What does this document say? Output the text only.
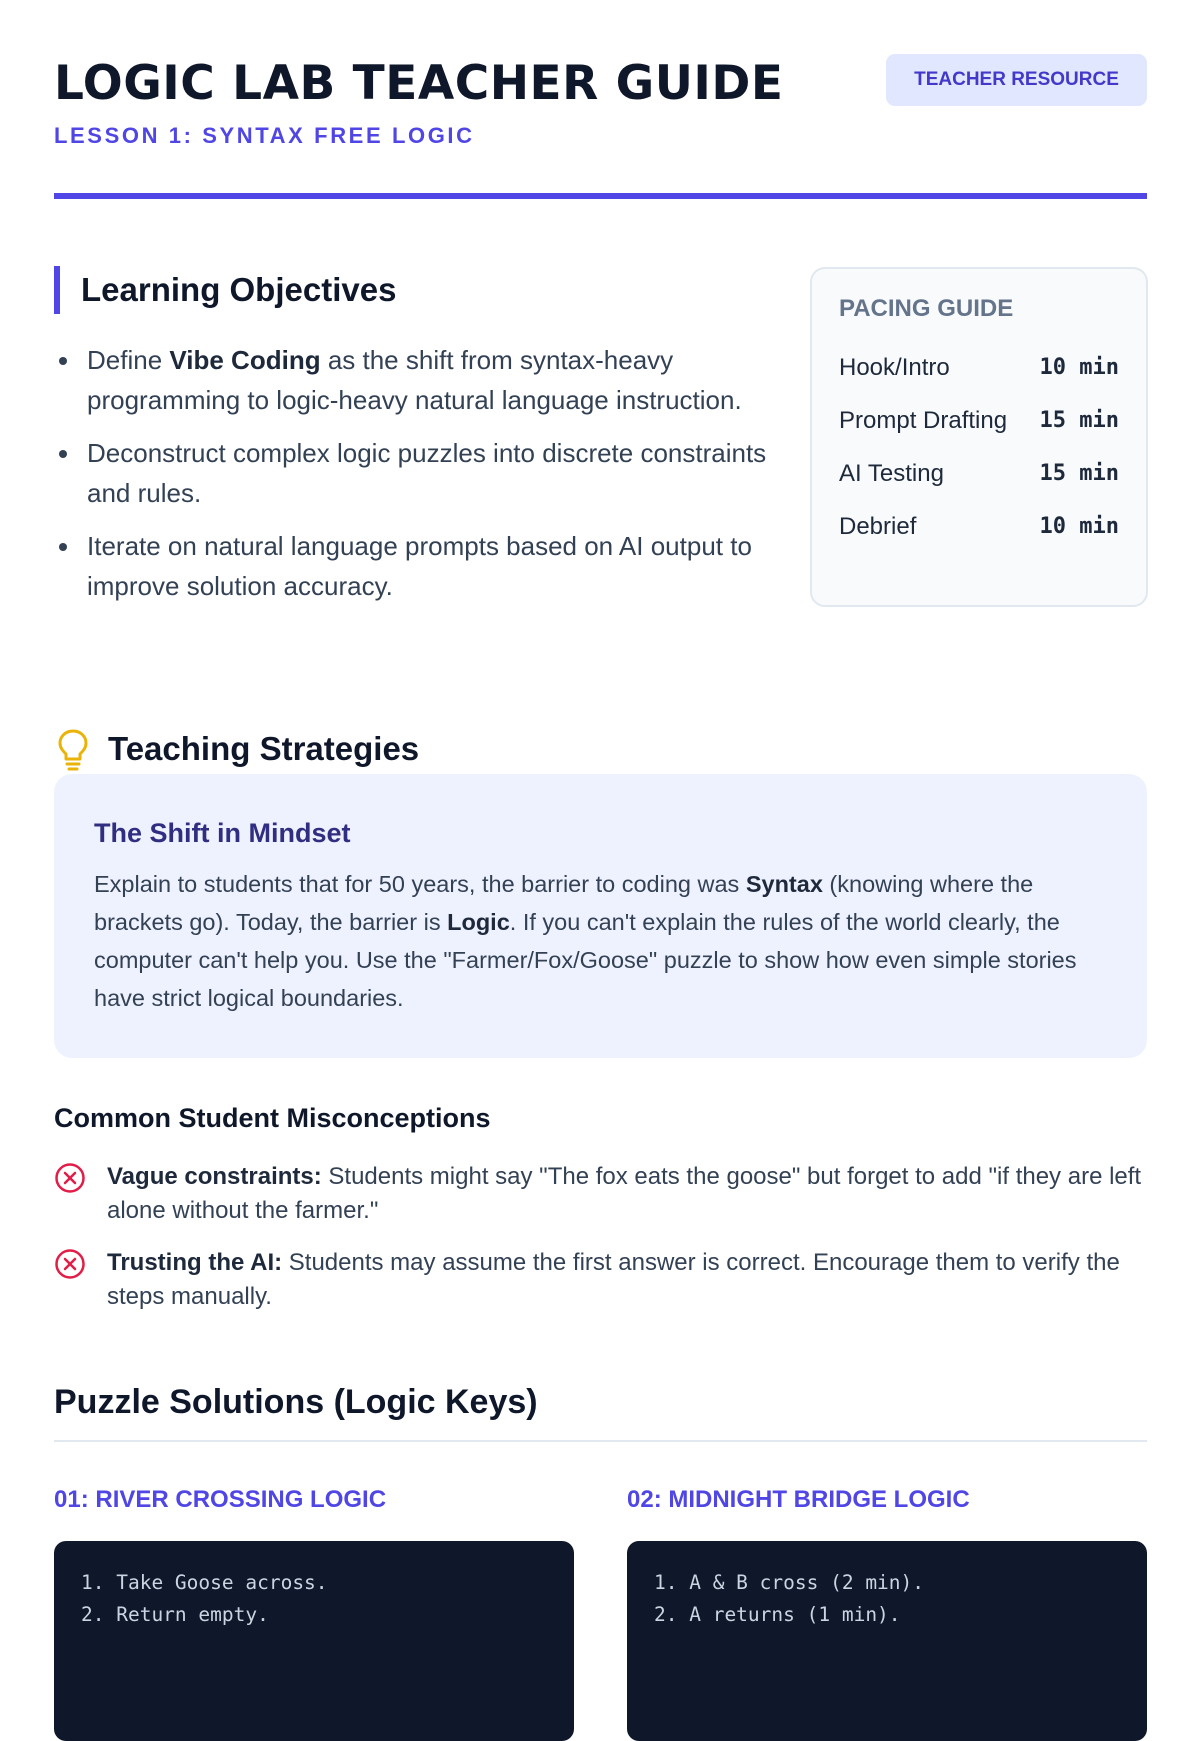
LOGIC LAB TEACHER GUIDE
LESSON 1: SYNTAX FREE LOGIC
TEACHER RESOURCE
Learning Objectives
Define Vibe Coding as the shift from syntax-heavy programming to logic-heavy natural language instruction.
Deconstruct complex logic puzzles into discrete constraints and rules.
Iterate on natural language prompts based on AI output to improve solution accuracy.
PACING GUIDE
Hook/Intro	10 min
Prompt Drafting 15 min
AI Testing	15 min
Debrief	10 min
Teaching Strategies
The Shift in Mindset

Explain to students that for 50 years, the barrier to coding was Syntax (knowing where the brackets go). Today, the barrier is Logic. If you can't explain the rules of the world clearly, the computer can't help you. Use the "Farmer/Fox/Goose" puzzle to show how even simple stories have strict logical boundaries.

Common Student Misconceptions
Vague constraints: Students might say "The fox eats the goose" but forget to add "if they are left alone without the farmer."
Trusting the AI: Students may assume the first answer is correct. Encourage them to verify the steps manually.
Puzzle Solutions (Logic Keys)
01: RIVER CROSSING LOGIC
1. Take Goose across.
2. Return empty.
02: MIDNIGHT BRIDGE LOGIC
1. A & B cross (2 min).
2. A returns (1 min).
